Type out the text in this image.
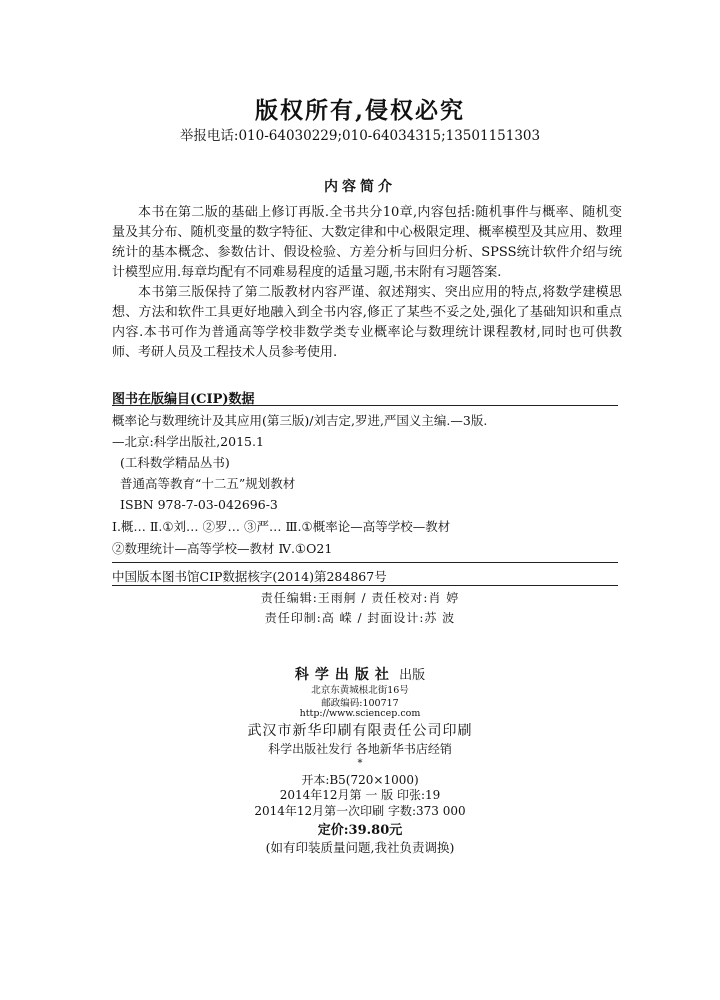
版权所有,侵权必究
举报电话:010-64030229;010-64034315;13501151303
内容简介

本书在第二版的基础上修订再版.全书共分10章,内容包括:随机事件与概率、随机变量及其分布、随机变量的数字特征、大数定律和中心极限定理、概率模型及其应用、数理统计的基本概念、参数估计、假设检验、方差分析与回归分析、SPSS统计软件介绍与统计模型应用.每章均配有不同难易程度的适量习题,书末附有习题答案.

本书第三版保持了第二版教材内容严谨、叙述翔实、突出应用的特点,将数学建模思想、方法和软件工具更好地融入到全书内容,修正了某些不妥之处,强化了基础知识和重点内容.本书可作为普通高等学校非数学类专业概率论与数理统计课程教材,同时也可供教师、考研人员及工程技术人员参考使用.

图书在版编目(CIP)数据
概率论与数理统计及其应用(第三版)/刘吉定,罗进,严国义主编.—3版.
—北京:科学出版社,2015.1
(工科数学精品丛书)
普通高等教育“十二五”规划教材
ISBN 978-7-03-042696-3
Ⅰ.概… Ⅱ.①刘… ②罗… ③严… Ⅲ.①概率论—高等学校—教材
②数理统计—高等学校—教材 Ⅳ.①O21
中国版本图书馆CIP数据核字(2014)第284867号
责任编辑:王雨舸 / 责任校对:肖 婷
责任印制:高 嵘 / 封面设计:苏 波
科学出版社 出版
北京东黄城根北街16号
邮政编码:100717
http://www.sciencep.com
武汉市新华印刷有限责任公司印刷
科学出版社发行 各地新华书店经销
*
开本:B5(720×1000)
2014年12月第 一 版 印张:19
2014年12月第一次印刷 字数:373 000
定价:39.80元
(如有印装质量问题,我社负责调换)
